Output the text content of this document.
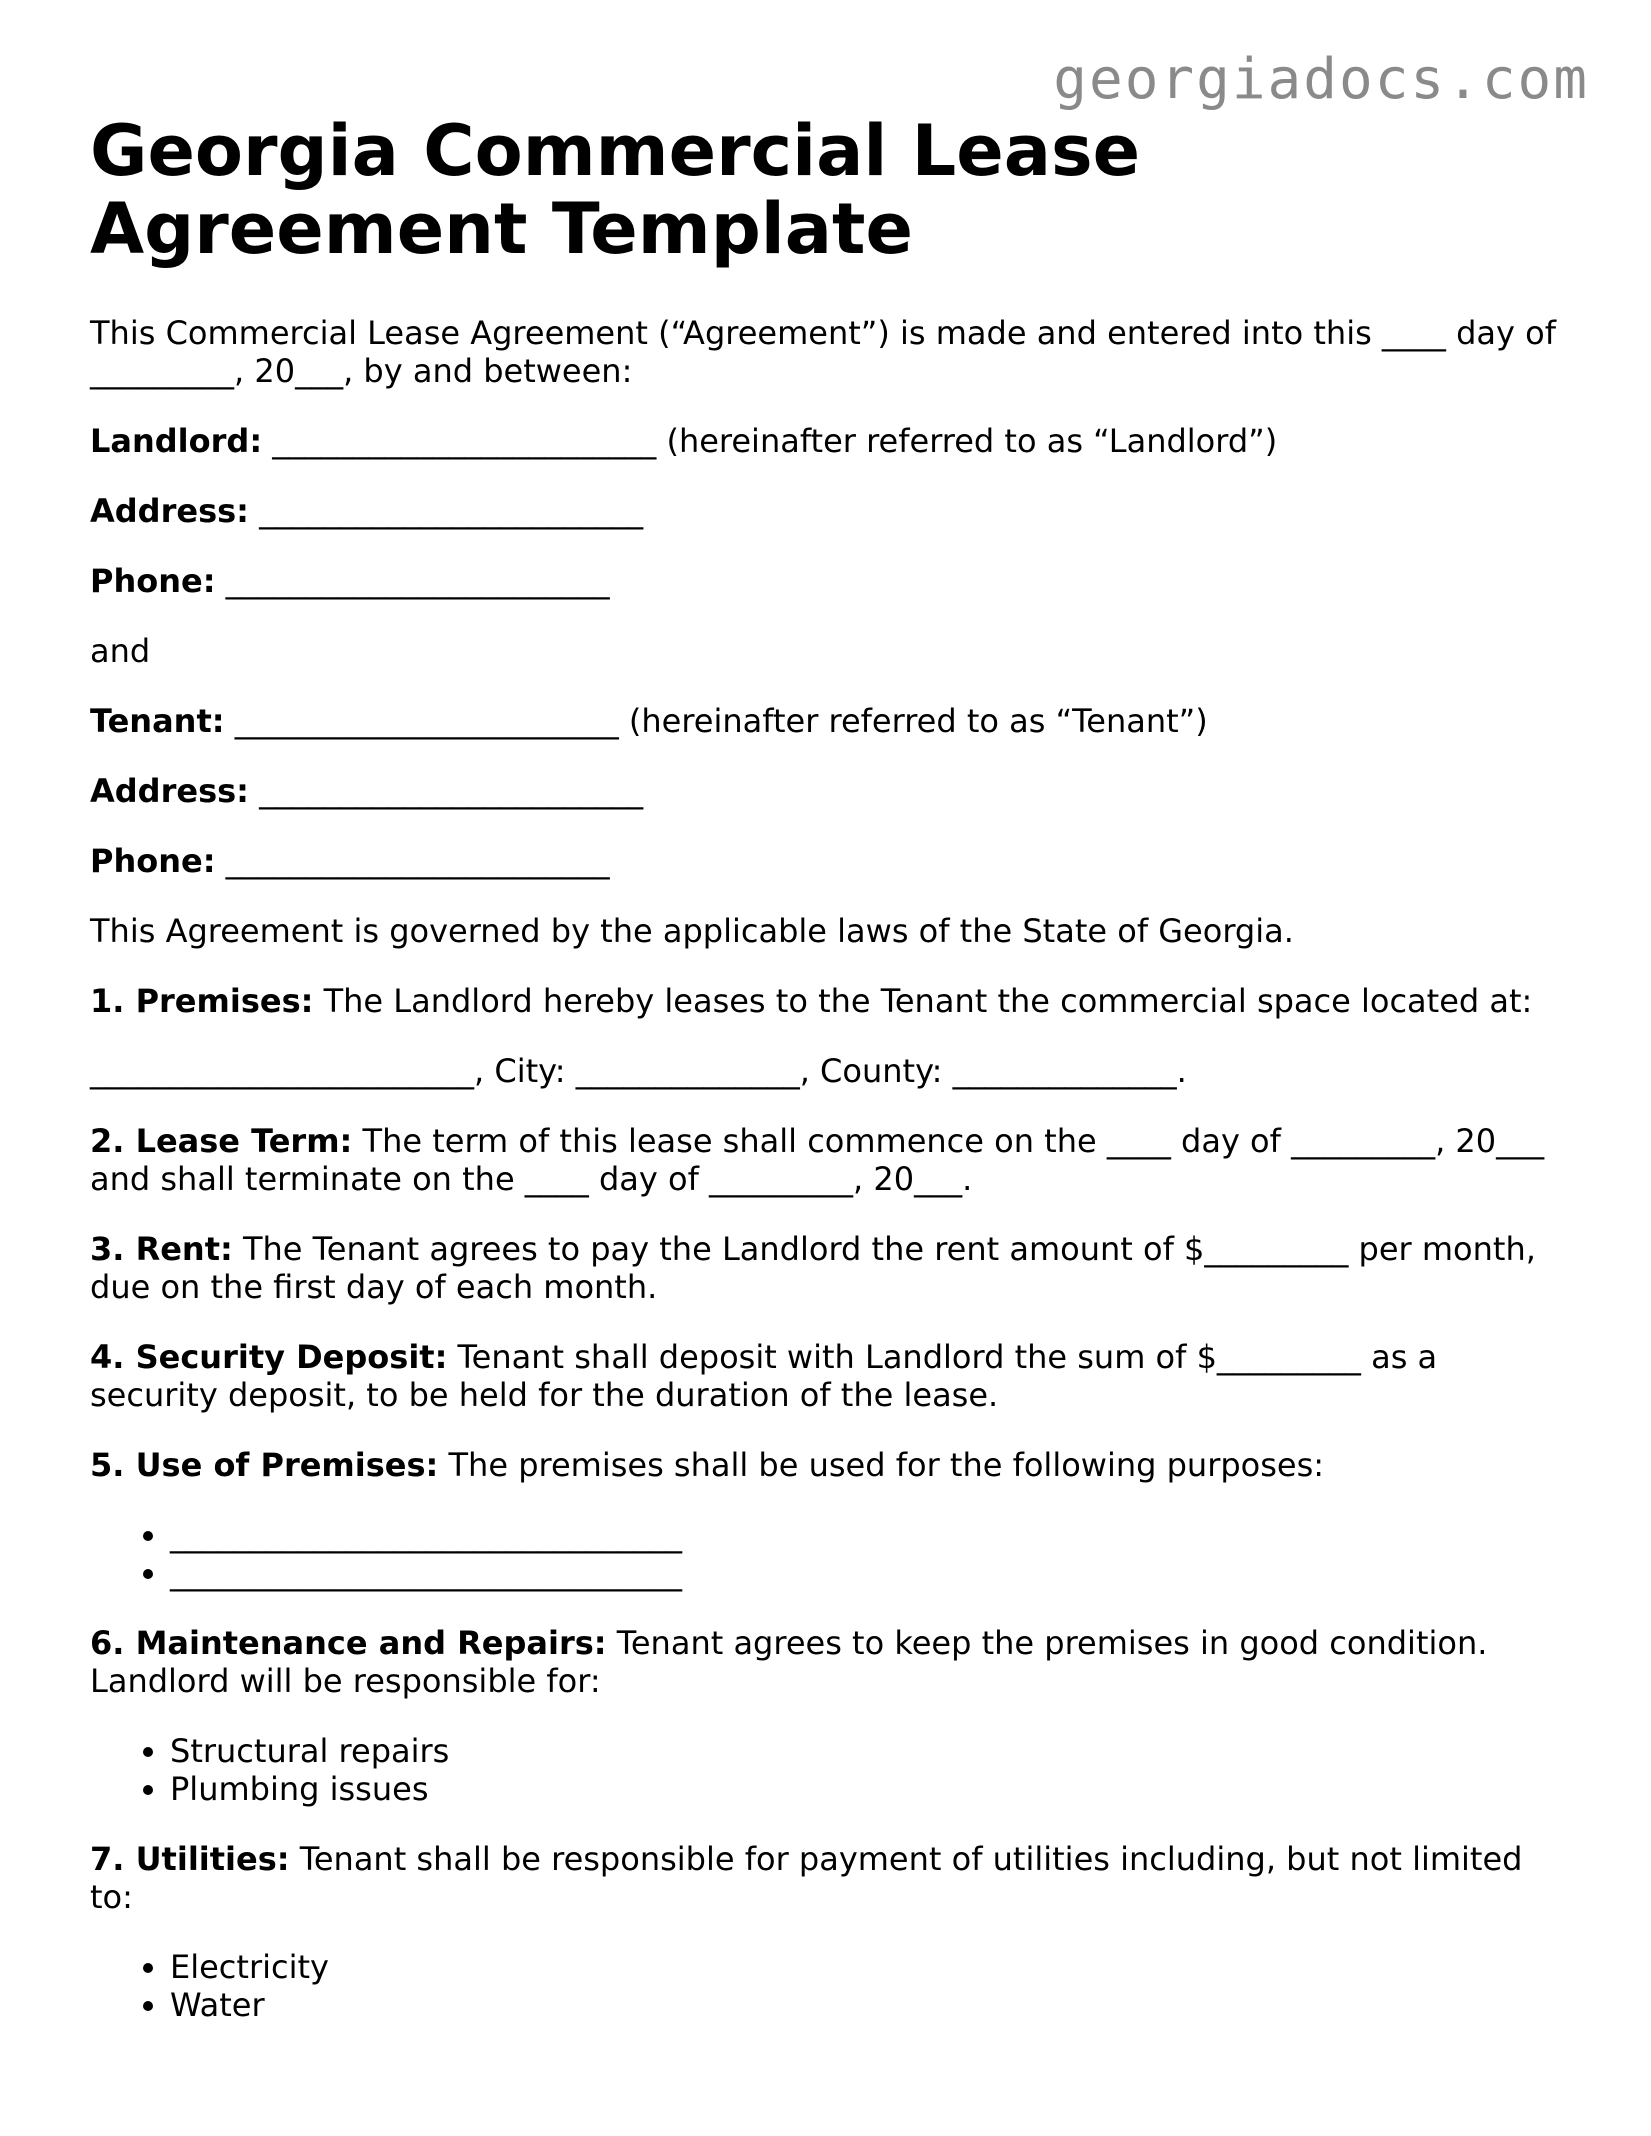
georgiadocs.com
Georgia Commercial Lease Agreement Template

This Commercial Lease Agreement (“Agreement”) is made and entered into this ____ day of _________, 20___, by and between:

Landlord: ________________________ (hereinafter referred to as “Landlord”)

Address: ________________________

Phone: ________________________

and

Tenant: ________________________ (hereinafter referred to as “Tenant”)

Address: ________________________

Phone: ________________________

This Agreement is governed by the applicable laws of the State of Georgia.

1. Premises: The Landlord hereby leases to the Tenant the commercial space located at:

________________________, City: ______________, County: ______________.

2. Lease Term: The term of this lease shall commence on the ____ day of _________, 20___ and shall terminate on the ____ day of _________, 20___.

3. Rent: The Tenant agrees to pay the Landlord the rent amount of $_________ per month, due on the first day of each month.

4. Security Deposit: Tenant shall deposit with Landlord the sum of $_________ as a security deposit, to be held for the duration of the lease.

5. Use of Premises: The premises shall be used for the following purposes:

• ________________________________
• ________________________________

6. Maintenance and Repairs: Tenant agrees to keep the premises in good condition. Landlord will be responsible for:

• Structural repairs
• Plumbing issues

7. Utilities: Tenant shall be responsible for payment of utilities including, but not limited to:

• Electricity
• Water
